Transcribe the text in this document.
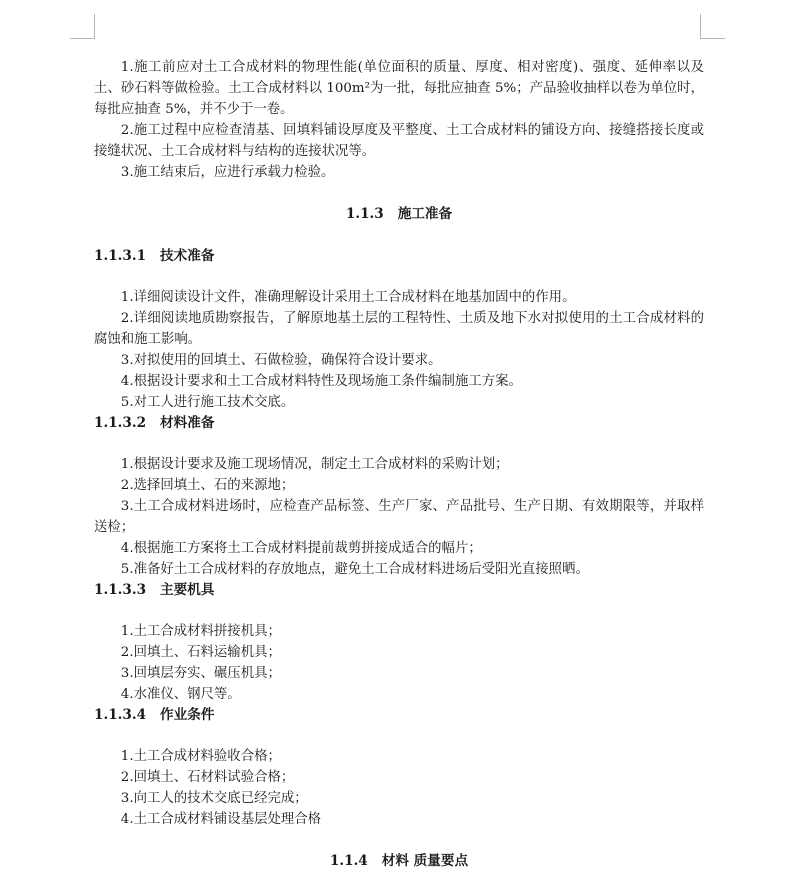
1.施工前应对土工合成材料的物理性能(单位面积的质量、厚度、相对密度)、强度、延伸率以及土、砂石料等做检验。土工合成材料以 100m²为一批，每批应抽查 5%；产品验收抽样以卷为单位时，每批应抽查 5%，并不少于一卷。

2.施工过程中应检查清基、回填料铺设厚度及平整度、土工合成材料的铺设方向、接缝搭接长度或接缝状况、土工合成材料与结构的连接状况等。

3.施工结束后，应进行承载力检验。

1.1.3 施工准备

1.1.3.1 技术准备

1.详细阅读设计文件，准确理解设计采用土工合成材料在地基加固中的作用。

2.详细阅读地质勘察报告，了解原地基土层的工程特性、土质及地下水对拟使用的土工合成材料的腐蚀和施工影响。

3.对拟使用的回填土、石做检验，确保符合设计要求。

4.根据设计要求和土工合成材料特性及现场施工条件编制施工方案。

5.对工人进行施工技术交底。

1.1.3.2 材料准备

1.根据设计要求及施工现场情况，制定土工合成材料的采购计划；

2.选择回填土、石的来源地；

3.土工合成材料进场时，应检查产品标签、生产厂家、产品批号、生产日期、有效期限等，并取样送检；

4.根据施工方案将土工合成材料提前裁剪拼接成适合的幅片；

5.准备好土工合成材料的存放地点，避免土工合成材料进场后受阳光直接照晒。

1.1.3.3 主要机具

1.土工合成材料拼接机具；

2.回填土、石料运输机具；

3.回填层夯实、碾压机具；

4.水准仪、钢尺等。

1.1.3.4 作业条件

1.土工合成材料验收合格；

2.回填土、石材料试验合格；

3.向工人的技术交底已经完成；

4.土工合成材料铺设基层处理合格

1.1.4 材料 质量要点
